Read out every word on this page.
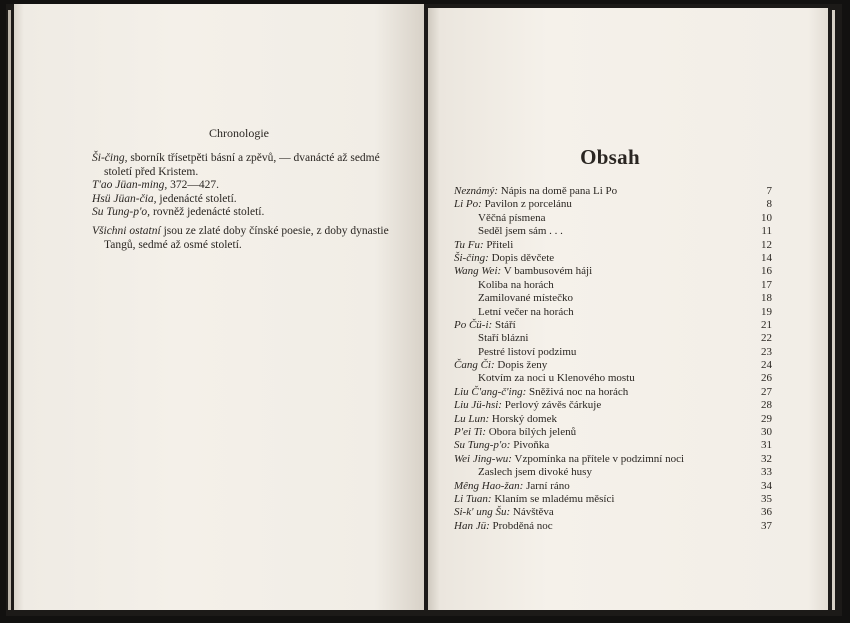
Chronologie

Ši-čing, sborník třísetpěti básní a zpěvů, — dvanácté až sedmé století před Kristem.

T'ao Jüan-ming, 372—427.

Hsü Jüan-čia, jedenácté století.

Su Tung-p'o, rovněž jedenácté století.

Všichni ostatní jsou ze zlaté doby čínské poesie, z doby dynastie Tangů, sedmé až osmé století.
Obsah
Neznámý: Nápis na domě pana Li Po	7
Li Po: Pavilon z porcelánu	8
Věčná písmena	10
Seděl jsem sám . . .	11
Tu Fu: Přiteli	12
Ši-čing: Dopis děvčete	14
Wang Wei: V bambusovém háji	16
Koliba na horách	17
Zamilované místečko	18
Letní večer na horách	19
Po Čü-i: Stáří	21
Staří blázni	22
Pestré listoví podzimu	23
Čang Či: Dopis ženy	24
Kotvím za noci u Klenového mostu	26
Liu Č'ang-č'ing: Sněživá noc na horách	27
Liu Jü-hsi: Perlový závěs čárkuje	28
Lu Lun: Horský domek	29
P'ei Ti: Obora bílých jelenů	30
Su Tung-p'o: Pivoňka	31
Wei Jing-wu: Vzpomínka na přítele v podzimní noci	32
Zaslech jsem divoké husy	33
Mêng Hao-žan: Jarní ráno	34
Li Tuan: Klaním se mladému měsíci	35
Si-k' ung Šu: Návštěva	36
Han Jü: Probděná noc	37
